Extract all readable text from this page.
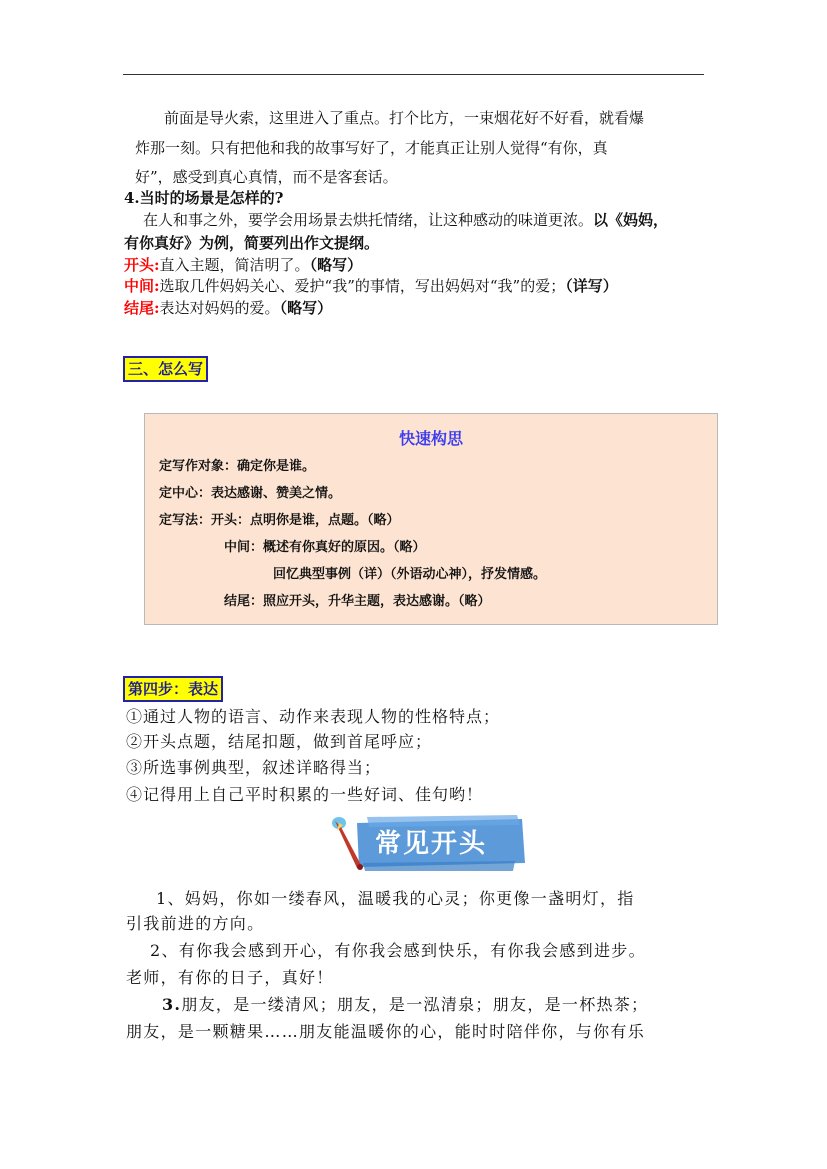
前面是导火索，这里进入了重点。打个比方，一束烟花好不好看，就看爆
炸那一刻。只有把他和我的故事写好了，才能真正让别人觉得“有你，真
好”，感受到真心真情，而不是客套话。
4.当时的场景是怎样的?
在人和事之外，要学会用场景去烘托情绪，让这种感动的味道更浓。以《妈妈，
有你真好》为例，简要列出作文提纲。
开头:直入主题，简洁明了。（略写）
中间:选取几件妈妈关心、爱护“我”的事情，写出妈妈对“我”的爱；（详写）
结尾:表达对妈妈的爱。（略写）
三、怎么写
快速构思
定写作对象：确定你是谁。
定中心：表达感谢、赞美之情。
定写法：开头：点明你是谁，点题。（略）
中间：概述有你真好的原因。（略）
回忆典型事例（详）（外语动心神），抒发情感。
结尾：照应开头，升华主题，表达感谢。（略）
第四步：表达
①通过人物的语言、动作来表现人物的性格特点；
②开头点题，结尾扣题，做到首尾呼应；
③所选事例典型，叙述详略得当；
④记得用上自己平时积累的一些好词、佳句哟！
常见开头
1、妈妈，你如一缕春风，温暖我的心灵；你更像一盏明灯，指
引我前进的方向。
2、有你我会感到开心，有你我会感到快乐，有你我会感到进步。
老师，有你的日子，真好！
3.朋友，是一缕清风；朋友，是一泓清泉；朋友，是一杯热茶；
朋友，是一颗糖果……朋友能温暖你的心，能时时陪伴你，与你有乐
